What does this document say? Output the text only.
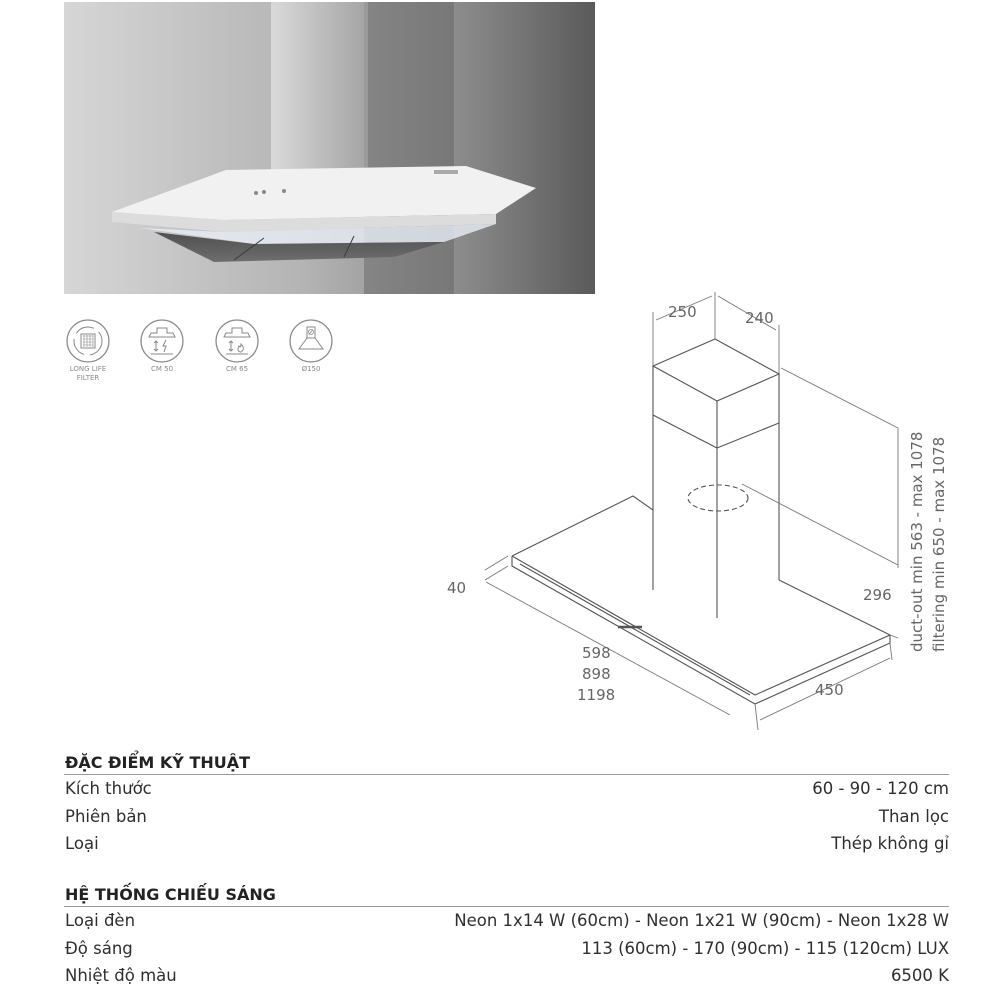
LONG LIFE
FILTER
CM 50	CM 65	Ø150
250	240
40	296
598
898
1198	450
duct-out min 563 - max 1078 filtering min 650 - max 1078
ĐẶC ĐIỂM KỸ THUẬT
Kích thước	60 - 90 - 120 cm
Phiên bản	Than lọc
Loại	Thép không gỉ
HỆ THỐNG CHIẾU SÁNG
Loại đèn	Neon 1x14 W (60cm) - Neon 1x21 W (90cm) - Neon 1x28 W
Độ sáng	113 (60cm) - 170 (90cm) - 115 (120cm) LUX
Nhiệt độ màu	6500 K
